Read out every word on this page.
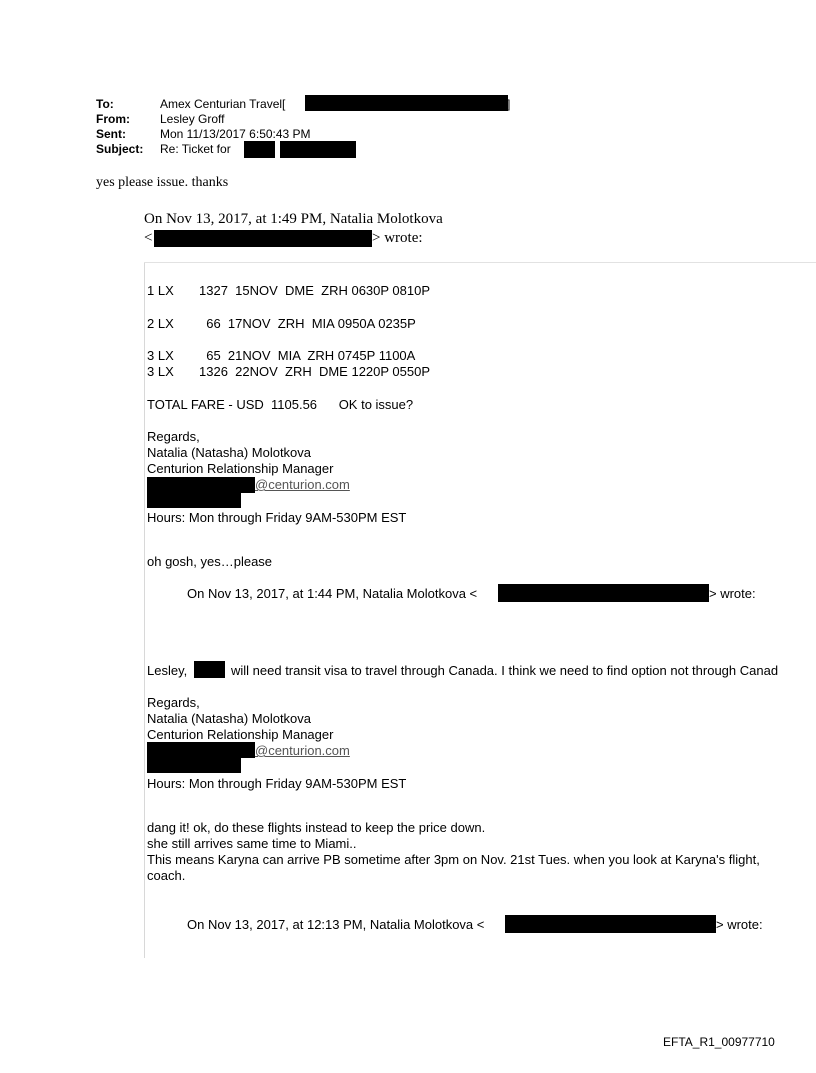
To:	Amex Centurian Travel[	]
From:	Lesley Groff
Sent:	Mon 11/13/2017 6:50:43 PM
Subject: Re: Ticket for
yes please issue. thanks
On Nov 13, 2017, at 1:49 PM, Natalia Molotkova
<	> wrote:
1 LX       1327  15NOV  DME  ZRH 0630P 0810P
2 LX         66  17NOV  ZRH  MIA 0950A 0235P
3 LX         65  21NOV  MIA  ZRH 0745P 1100A
3 LX       1326  22NOV  ZRH  DME 1220P 0550P
TOTAL FARE - USD  1105.56      OK to issue?
Regards,
Natalia (Natasha) Molotkova
Centurion Relationship Manager
@centurion.com
Hours: Mon through Friday 9AM-530PM EST
oh gosh, yes…please
On Nov 13, 2017, at 1:44 PM, Natalia Molotkova <	> wrote:
Lesley,	will need transit visa to travel through Canada. I think we need to find option not through Canad
Regards,
Natalia (Natasha) Molotkova
Centurion Relationship Manager
@centurion.com
Hours: Mon through Friday 9AM-530PM EST
dang it! ok, do these flights instead to keep the price down.
she still arrives same time to Miami..
This means Karyna can arrive PB sometime after 3pm on Nov. 21st Tues. when you look at Karyna's flight,
coach.
On Nov 13, 2017, at 12:13 PM, Natalia Molotkova <	> wrote:
EFTA_R1_00977710
